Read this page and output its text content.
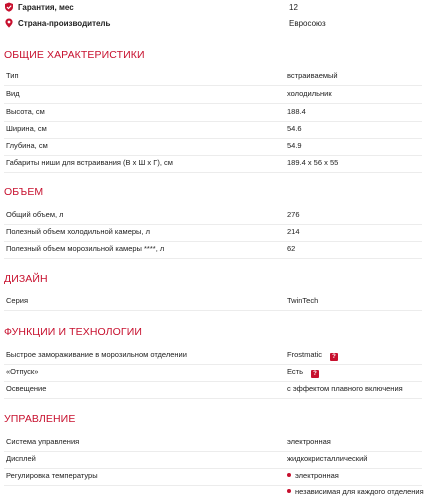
Гарантия, мес	12
Страна-производитель	Евросоюз
ОБЩИЕ ХАРАКТЕРИСТИКИ
Тип	встраиваемый
Вид	холодильник
Высота, см	188.4
Ширина, см	54.6
Глубина, см	54.9
Габариты ниши для встраивания (В x Ш x Г), см	189.4 x 56 x 55
ОБЪЕМ
Общий объем, л	276
Полезный объем холодильной камеры, л	214
Полезный объем морозильной камеры ****, л	62
ДИЗАЙН
Серия	TwinTech
ФУНКЦИИ И ТЕХНОЛОГИИ
Быстрое замораживание в морозильном отделении	Frostmatic ?
«Отпуск»	Есть ?
Освещение	с эффектом плавного включения
УПРАВЛЕНИЕ
Система управления	электронная
Дисплей	жидкокристаллический
Регулировка температуры	электронная
независимая для каждого отделения
